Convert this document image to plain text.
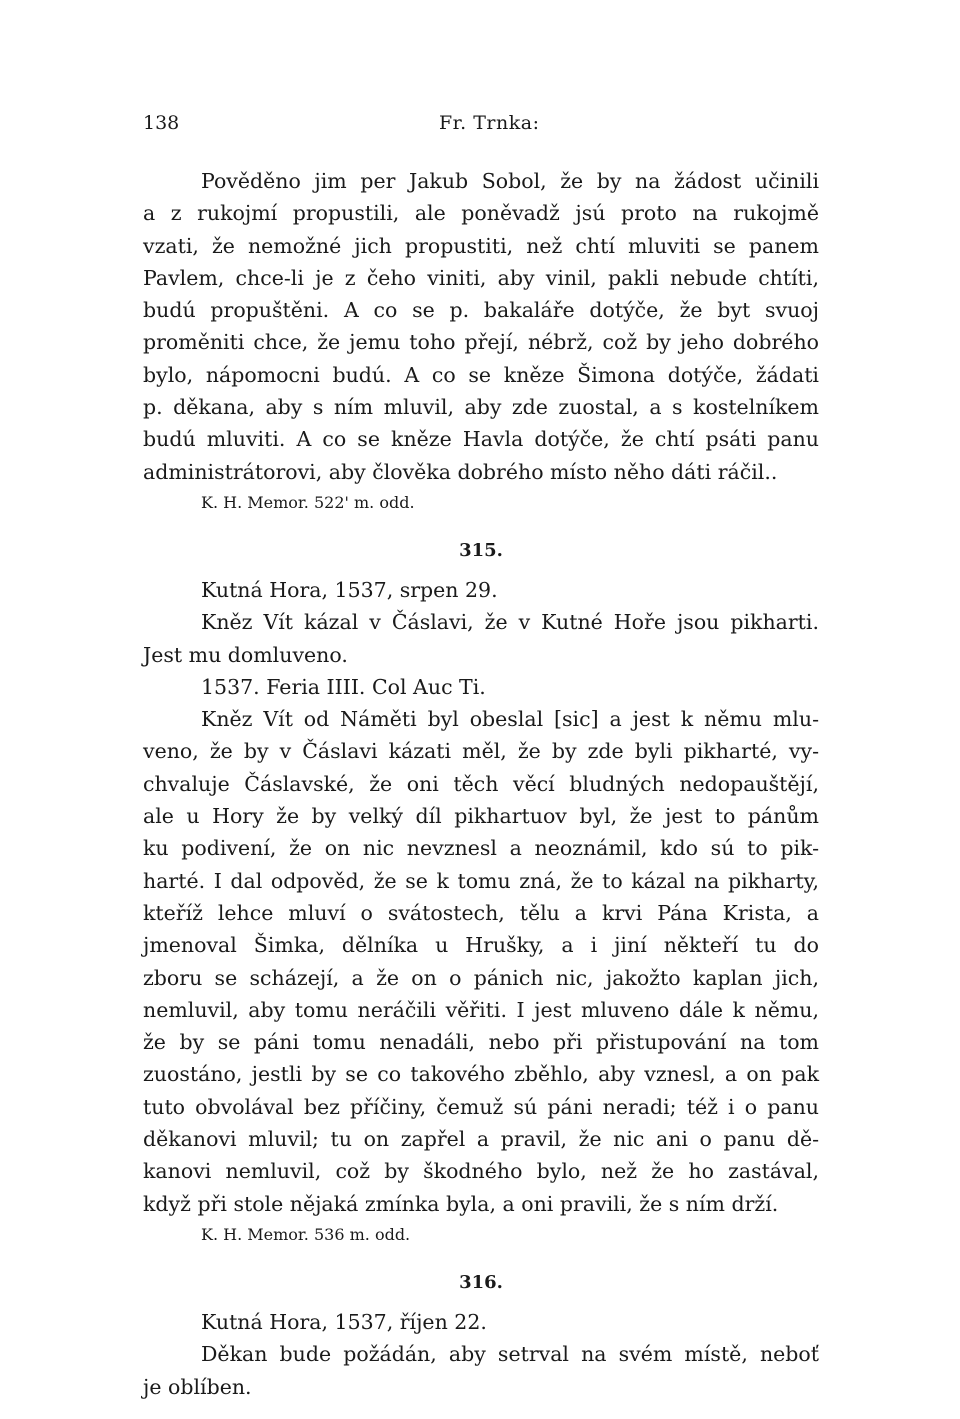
138	Fr. Trnka:
Pověděno jim per Jakub Sobol, že by na žádost učinili
a z rukojmí propustili, ale poněvadž jsú proto na rukojmě
vzati, že nemožné jich propustiti, než chtí mluviti se panem
Pavlem, chce-li je z čeho viniti, aby vinil, pakli nebude chtíti,
budú propuštěni. A co se p. bakaláře dotýče, že byt svuoj
proměniti chce, že jemu toho přejí, nébrž, což by jeho dobrého
bylo, nápomocni budú. A co se kněze Šimona dotýče, žádati
p. děkana, aby s ním mluvil, aby zde zuostal, a s kostelníkem
budú mluviti. A co se kněze Havla dotýče, že chtí psáti panu
administrátorovi, aby člověka dobrého místo něho dáti ráčil..
K. H. Memor. 522' m. odd.
315.
Kutná Hora, 1537, srpen 29.
Kněz Vít kázal v Čáslavi, že v Kutné Hoře jsou pikharti.
Jest mu domluveno.
1537. Feria IIII. Col Auc Ti.
Kněz Vít od Náměti byl obeslal [sic] a jest k němu mlu-
veno, že by v Čáslavi kázati měl, že by zde byli pikharté, vy-
chvaluje Čáslavské, že oni těch věcí bludných nedopauštějí,
ale u Hory že by velký díl pikhartuov byl, že jest to pánům
ku podivení, že on nic nevznesl a neoznámil, kdo sú to pik-
harté. I dal odpověd, že se k tomu zná, že to kázal na pikharty,
kteříž lehce mluví o svátostech, tělu a krvi Pána Krista, a
jmenoval Šimka, dělníka u Hrušky, a i jiní někteří tu do
zboru se scházejí, a že on o pánich nic, jakožto kaplan jich,
nemluvil, aby tomu neráčili věřiti. I jest mluveno dále k němu,
že by se páni tomu nenadáli, nebo při přistupování na tom
zuostáno, jestli by se co takového zběhlo, aby vznesl, a on pak
tuto obvolával bez příčiny, čemuž sú páni neradi; též i o panu
děkanovi mluvil; tu on zapřel a pravil, že nic ani o panu dě-
kanovi nemluvil, což by škodného bylo, než že ho zastával,
když při stole nějaká zmínka byla, a oni pravili, že s ním drží.
K. H. Memor. 536 m. odd.
316.
Kutná Hora, 1537, říjen 22.
Děkan bude požádán, aby setrval na svém místě, neboť
je oblíben.
